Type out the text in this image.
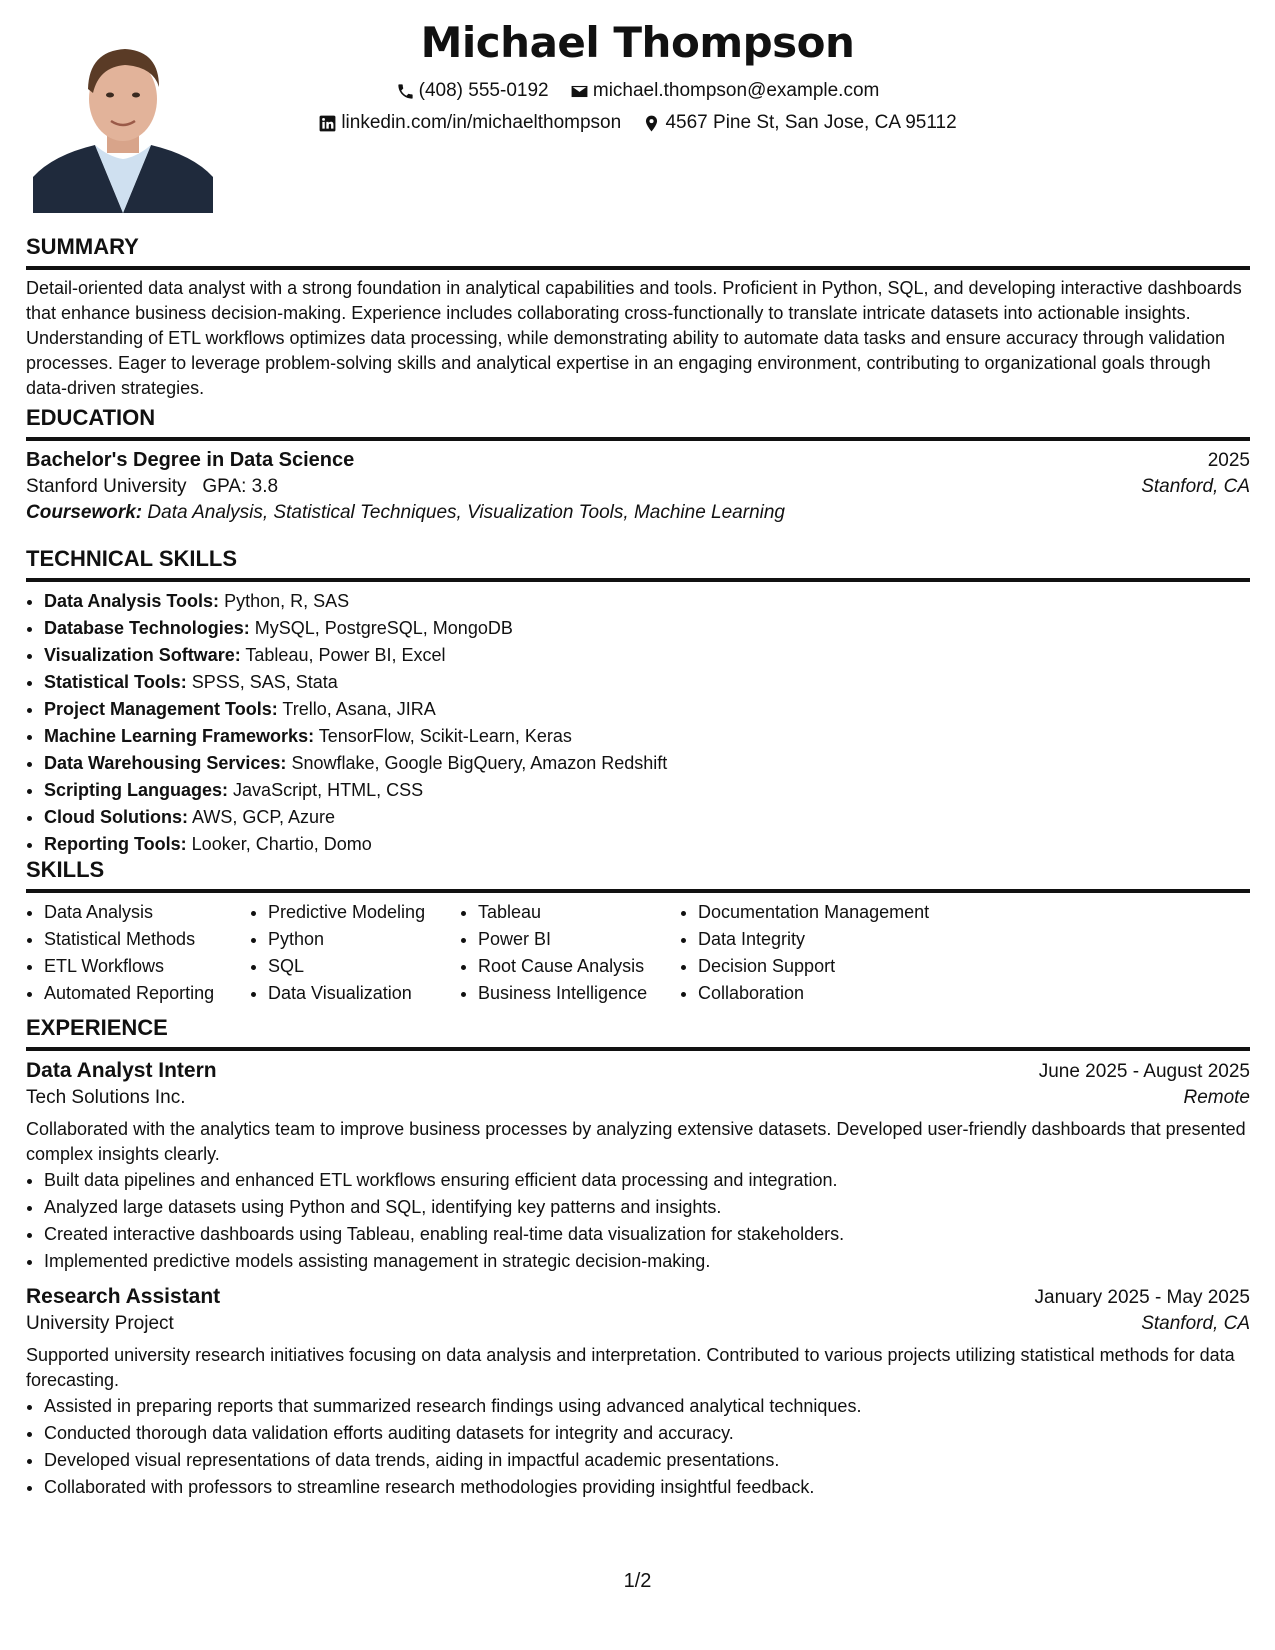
Michael Thompson
(408) 555-0192
michael.thompson@example.com
linkedin.com/in/michaelthompson
4567 Pine St, San Jose, CA 95112
SUMMARY
Detail-oriented data analyst with a strong foundation in analytical capabilities and tools. Proficient in Python, SQL, and developing interactive dashboards that enhance business decision-making. Experience includes collaborating cross-functionally to translate intricate datasets into actionable insights. Understanding of ETL workflows optimizes data processing, while demonstrating ability to automate data tasks and ensure accuracy through validation processes. Eager to leverage problem-solving skills and analytical expertise in an engaging environment, contributing to organizational goals through data-driven strategies.
EDUCATION
Bachelor's Degree in Data Science	2025
Stanford University GPA: 3.8	Stanford, CA
Coursework: Data Analysis, Statistical Techniques, Visualization Tools, Machine Learning
TECHNICAL SKILLS
• Data Analysis Tools: Python, R, SAS
• Database Technologies: MySQL, PostgreSQL, MongoDB
• Visualization Software: Tableau, Power BI, Excel
• Statistical Tools: SPSS, SAS, Stata
• Project Management Tools: Trello, Asana, JIRA
• Machine Learning Frameworks: TensorFlow, Scikit-Learn, Keras
• Data Warehousing Services: Snowflake, Google BigQuery, Amazon Redshift
• Scripting Languages: JavaScript, HTML, CSS
• Cloud Solutions: AWS, GCP, Azure
• Reporting Tools: Looker, Chartio, Domo
SKILLS
• Data Analysis
• Statistical Methods
• ETL Workflows
• Automated Reporting
• Predictive Modeling
• Python
• SQL
• Data Visualization
• Tableau
• Power BI
• Root Cause Analysis
• Business Intelligence
• Documentation Management
• Data Integrity
• Decision Support
• Collaboration
EXPERIENCE
Data Analyst Intern	June 2025 - August 2025
Tech Solutions Inc.	Remote
Collaborated with the analytics team to improve business processes by analyzing extensive datasets. Developed user-friendly dashboards that presented complex insights clearly.
• Built data pipelines and enhanced ETL workflows ensuring efficient data processing and integration.
• Analyzed large datasets using Python and SQL, identifying key patterns and insights.
• Created interactive dashboards using Tableau, enabling real-time data visualization for stakeholders.
• Implemented predictive models assisting management in strategic decision-making.
Research Assistant	January 2025 - May 2025
University Project	Stanford, CA
Supported university research initiatives focusing on data analysis and interpretation. Contributed to various projects utilizing statistical methods for data forecasting.
• Assisted in preparing reports that summarized research findings using advanced analytical techniques.
• Conducted thorough data validation efforts auditing datasets for integrity and accuracy.
• Developed visual representations of data trends, aiding in impactful academic presentations.
• Collaborated with professors to streamline research methodologies providing insightful feedback.
1/2
